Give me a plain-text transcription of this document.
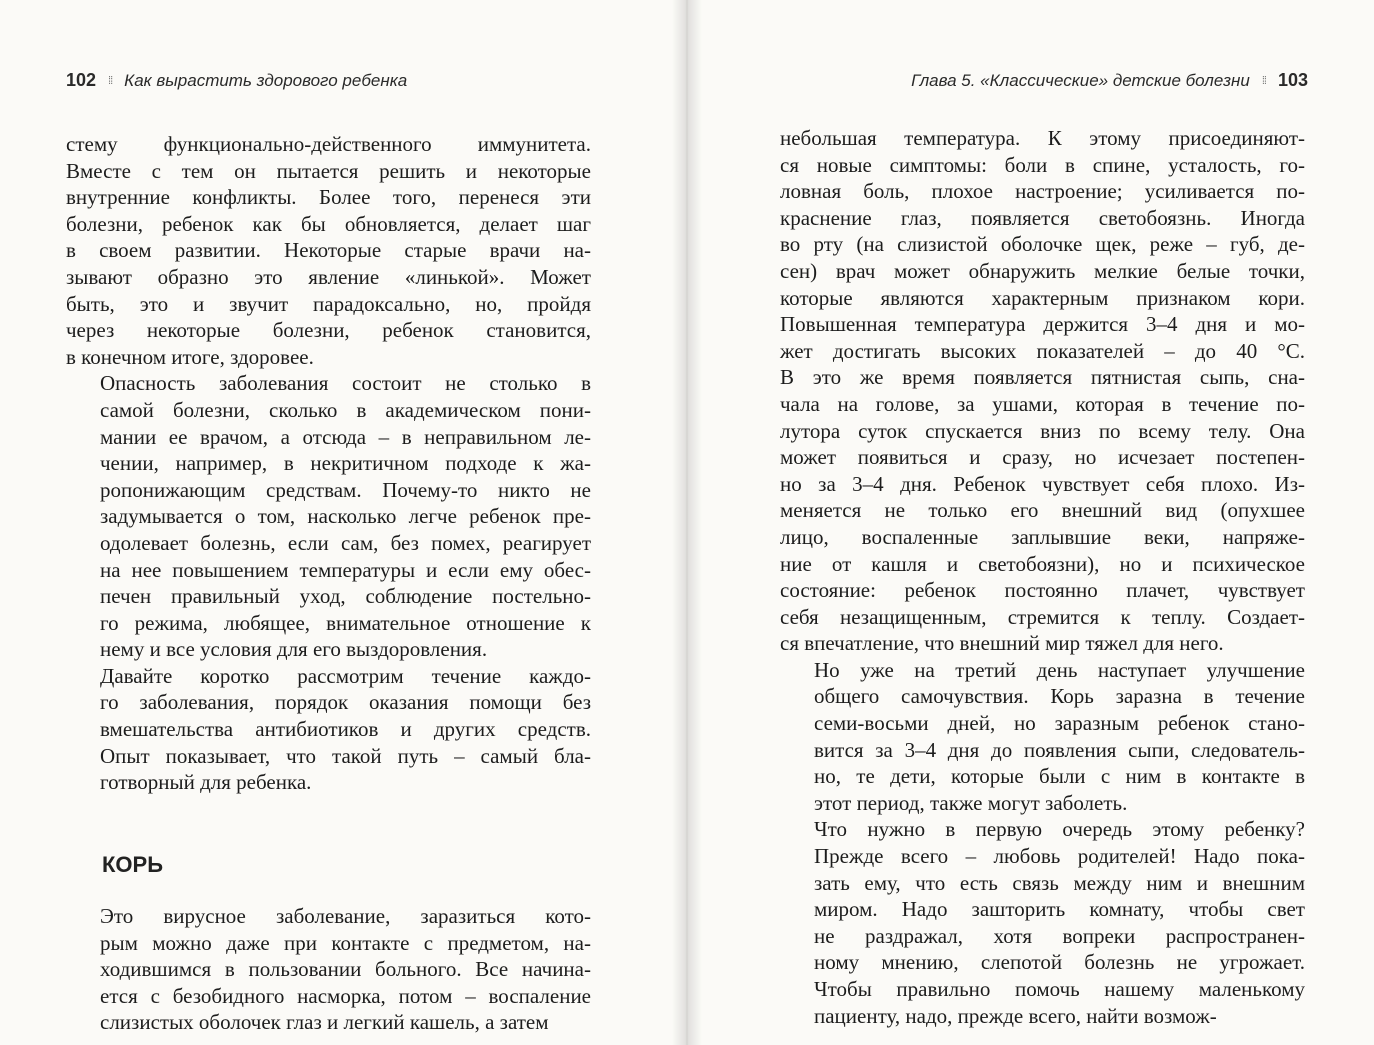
102 ⁞⁞ Как вырастить здорового ребенка

стему функционально-действенного иммунитета.
Вместе с тем он пытается решить и некоторые
внутренние конфликты. Более того, перенеся эти
болезни, ребенок как бы обновляется, делает шаг
в своем развитии. Некоторые старые врачи на-
зывают образно это явление «линькой». Может
быть, это и звучит парадоксально, но, пройдя
через некоторые болезни, ребенок становится,
в конечном итоге, здоровее.

Опасность заболевания состоит не столько в
самой болезни, сколько в академическом пони-
мании ее врачом, а отсюда – в неправильном ле-
чении, например, в некритичном подходе к жа-
ропонижающим средствам. Почему-то никто не
задумывается о том, насколько легче ребенок пре-
одолевает болезнь, если сам, без помех, реагирует
на нее повышением температуры и если ему обес-
печен правильный уход, соблюдение постельно-
го режима, любящее, внимательное отношение к
нему и все условия для его выздоровления.

Давайте коротко рассмотрим течение каждо-
го заболевания, порядок оказания помощи без
вмешательства антибиотиков и других средств.
Опыт показывает, что такой путь – самый бла-
готворный для ребенка.

КОРЬ

Это вирусное заболевание, заразиться кото-
рым можно даже при контакте с предметом, на-
ходившимся в пользовании больного. Все начина-
ется с безобидного насморка, потом – воспаление
слизистых оболочек глаз и легкий кашель, а затем

Глава 5. «Классические» детские болезни ⁞⁞ 103

небольшая температура. К этому присоединяют-
ся новые симптомы: боли в спине, усталость, го-
ловная боль, плохое настроение; усиливается по-
краснение глаз, появляется светобоязнь. Иногда
во рту (на слизистой оболочке щек, реже – губ, де-
сен) врач может обнаружить мелкие белые точки,
которые являются характерным признаком кори.
Повышенная температура держится 3–4 дня и мо-
жет достигать высоких показателей – до 40 °С.
В это же время появляется пятнистая сыпь, сна-
чала на голове, за ушами, которая в течение по-
лутора суток спускается вниз по всему телу. Она
может появиться и сразу, но исчезает постепен-
но за 3–4 дня. Ребенок чувствует себя плохо. Из-
меняется не только его внешний вид (опухшее
лицо, воспаленные заплывшие веки, напряже-
ние от кашля и светобоязни), но и психическое
состояние: ребенок постоянно плачет, чувствует
себя незащищенным, стремится к теплу. Создает-
ся впечатление, что внешний мир тяжел для него.

Но уже на третий день наступает улучшение
общего самочувствия. Корь заразна в течение
семи-восьми дней, но заразным ребенок стано-
вится за 3–4 дня до появления сыпи, следователь-
но, те дети, которые были с ним в контакте в
этот период, также могут заболеть.

Что нужно в первую очередь этому ребенку?
Прежде всего – любовь родителей! Надо пока-
зать ему, что есть связь между ним и внешним
миром. Надо зашторить комнату, чтобы свет
не раздражал, хотя вопреки распространен-
ному мнению, слепотой болезнь не угрожает.
Чтобы правильно помочь нашему маленькому
пациенту, надо, прежде всего, найти возмож-
